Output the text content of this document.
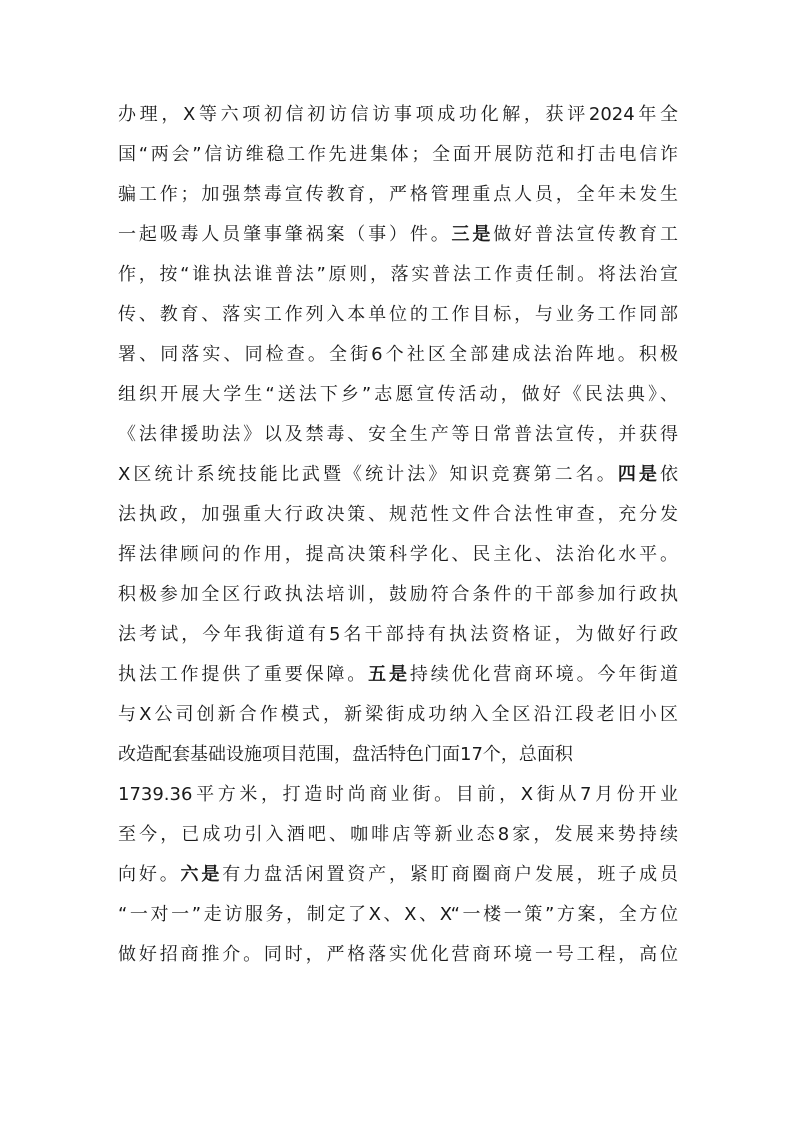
办理，X等六项初信初访信访事项成功化解，获评2024年全
国“两会”信访维稳工作先进集体；全面开展防范和打击电信诈
骗工作；加强禁毒宣传教育，严格管理重点人员，全年未发生
一起吸毒人员肇事肇祸案（事）件。三是做好普法宣传教育工
作，按“谁执法谁普法”原则，落实普法工作责任制。将法治宣
传、教育、落实工作列入本单位的工作目标，与业务工作同部
署、同落实、同检查。全街6个社区全部建成法治阵地。积极
组织开展大学生“送法下乡”志愿宣传活动，做好《民法典》、
《法律援助法》以及禁毒、安全生产等日常普法宣传，并获得
X区统计系统技能比武暨《统计法》知识竞赛第二名。四是依
法执政，加强重大行政决策、规范性文件合法性审查，充分发
挥法律顾问的作用，提高决策科学化、民主化、法治化水平。
积极参加全区行政执法培训，鼓励符合条件的干部参加行政执
法考试，今年我街道有5名干部持有执法资格证，为做好行政
执法工作提供了重要保障。五是持续优化营商环境。今年街道
与X公司创新合作模式，新梁街成功纳入全区沿江段老旧小区
改造配套基础设施项目范围，盘活特色门面17个，总面积
1739.36平方米，打造时尚商业街。目前，X街从7月份开业
至今，已成功引入酒吧、咖啡店等新业态8家，发展来势持续
向好。六是有力盘活闲置资产，紧盯商圈商户发展，班子成员
“一对一”走访服务，制定了X、X、X“一楼一策”方案，全方位
做好招商推介。同时，严格落实优化营商环境一号工程，高位
